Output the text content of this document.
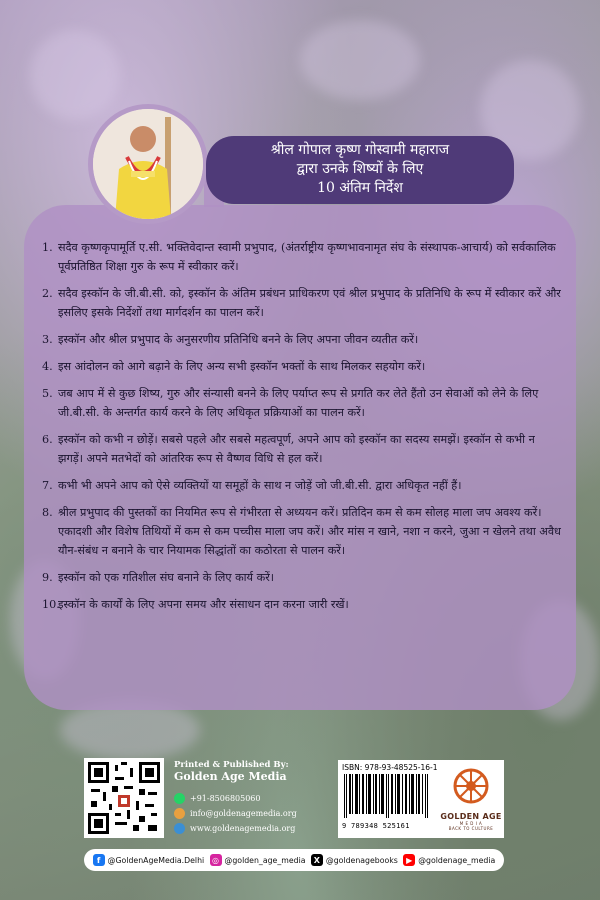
श्रील गोपाल कृष्ण गोस्वामी महाराज
द्वारा उनके शिष्यों के लिए
10 अंतिम निर्देश
1. सदैव कृष्णकृपामूर्ति ए.सी. भक्तिवेदान्त स्वामी प्रभुपाद, (अंतर्राष्ट्रीय कृष्णभावनामृत संघ के संस्थापक-आचार्य) को सर्वकालिक पूर्वप्रतिष्ठित शिक्षा गुरु के रूप में स्वीकार करें।
2. सदैव इस्कॉन के जी.बी.सी. को, इस्कॉन के अंतिम प्रबंधन प्राधिकरण एवं श्रील प्रभुपाद के प्रतिनिधि के रूप में स्वीकार करें और इसलिए इसके निर्देशों तथा मार्गदर्शन का पालन करें।
3. इस्कॉन और श्रील प्रभुपाद के अनुसरणीय प्रतिनिधि बनने के लिए अपना जीवन व्यतीत करें।
4. इस आंदोलन को आगे बढ़ाने के लिए अन्य सभी इस्कॉन भक्तों के साथ मिलकर सहयोग करें।
5. जब आप में से कुछ शिष्य, गुरु और संन्यासी बनने के लिए पर्याप्त रूप से प्रगति कर लेते हैंतो उन सेवाओं को लेने के लिए जी.बी.सी. के अन्तर्गत कार्य करने के लिए अधिकृत प्रक्रियाओं का पालन करें।
6. इस्कॉन को कभी न छोड़ें। सबसे पहले और सबसे महत्वपूर्ण, अपने आप को इस्कॉन का सदस्य समझें। इस्कॉन से कभी न झगड़ें। अपने मतभेदों को आंतरिक रूप से वैष्णव विधि से हल करें।
7. कभी भी अपने आप को ऐसे व्यक्तियों या समूहों के साथ न जोड़ें जो जी.बी.सी. द्वारा अधिकृत नहीं हैं।
8. श्रील प्रभुपाद की पुस्तकों का नियमित रूप से गंभीरता से अध्ययन करें। प्रतिदिन कम से कम सोलह माला जप अवश्य करें। एकादशी और विशेष तिथियों में कम से कम पच्चीस माला जप करें। और मांस न खाने, नशा न करने, जुआ न खेलने तथा अवैध यौन-संबंध न बनाने के चार नियामक सिद्धांतों का कठोरता से पालन करें।
9. इस्कॉन को एक गतिशील संघ बनाने के लिए कार्य करें।
10.
इस्कॉन के कार्यों के लिए अपना समय और संसाधन दान करना जारी रखें।
Printed & Published By:
Golden Age Media
+91-8506805060
info@goldenagemedia.org
www.goldenagemedia.org
ISBN: 978-93-48525-16-1
9 789348 525161
GOLDEN AGE
M E D I A
BACK TO CULTURE
f @GoldenAgeMedia.Delhi ◎ @golden_age_media	X @goldenagebooks	▶ @goldenage_media
